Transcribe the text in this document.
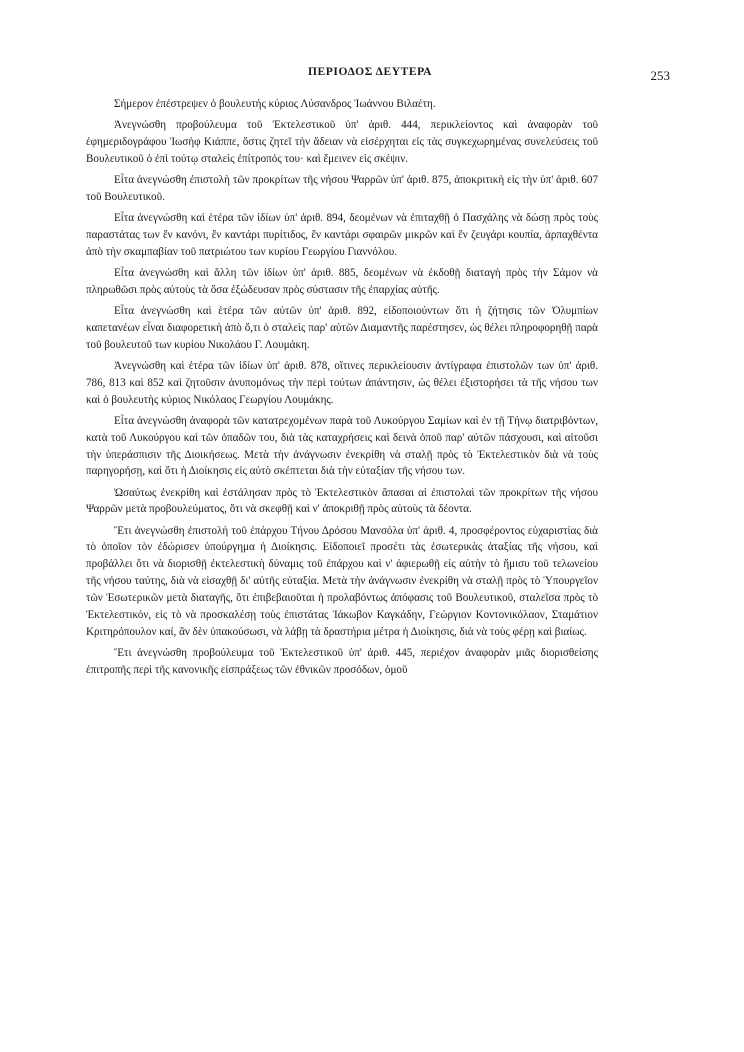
ΠΕΡΙΟΔΟΣ ΔΕΥΤΕΡΑ	253

Σήμερον ἐπέστρεψεν ὁ βουλευτής κύριος Λύσανδρος Ἰωάννου Βιλαέτη.

Ἀνεγνώσθη προβούλευμα τοῦ Ἐκτελεστικοῦ ὑπ' ἀριθ. 444, περικλείοντος καὶ ἀναφορὰν τοῦ ἐφημεριδογράφου Ἰωσὴφ Κιάππε, ὅστις ζητεῖ τὴν ἄδειαν νὰ εἰσέρχηται εἰς τὰς συγκεχωρημένας συνελεύσεις τοῦ Βουλευτικοῦ ὁ ἐπὶ τούτῳ σταλεὶς ἐπίτροπός του· καὶ ἔμεινεν εἰς σκέψιν.

Εἶτα ἀνεγνώσθη ἐπιστολὴ τῶν προκρίτων τῆς νήσου Ψαρρῶν ὑπ' ἀριθ. 875, ἀποκριτικὴ εἰς τὴν ὑπ' ἀριθ. 607 τοῦ Βουλευτικοῦ.

Εἶτα ἀνεγνώσθη καὶ ἑτέρα τῶν ἰδίων ὑπ' ἀριθ. 894, δεομένων νὰ ἐπιταχθῇ ὁ Πασχάλης νὰ δώσῃ πρὸς τοὺς παραστάτας των ἕν κανόνι, ἕν καντάρι πυρίτιδος, ἕν καντάρι σφαιρῶν μικρῶν καὶ ἕν ζευγάρι κουπία, ἁρπαχθέντα ἀπὸ τὴν σκαμπαβίαν τοῦ πατριώτου των κυρίου Γεωργίου Γιαννόλου.

Εἶτα ἀνεγνώσθη καὶ ἄλλη τῶν ἰδίων ὑπ' ἀριθ. 885, δεομένων νὰ ἐκδοθῇ διαταγὴ πρὸς τὴν Σάμον νὰ πληρωθῶσι πρὸς αὐτοὺς τὰ ὅσα ἐξώδευσαν πρὸς σύστασιν τῆς ἐπαρχίας αὐτῆς.

Εἶτα ἀνεγνώσθη καὶ ἑτέρα τῶν αὐτῶν ὑπ' ἀριθ. 892, εἰδοποιούντων ὅτι ἡ ζήτησις τῶν Ὀλυμπίων καπετανέων εἶναι διαφορετικὴ ἀπὸ ὅ,τι ὁ σταλεὶς παρ' αὐτῶν Διαμαντῆς παρέστησεν, ὡς θέλει πληροφορηθῇ παρὰ τοῦ βουλευτοῦ των κυρίου Νικολάου Γ. Λουμάκη.

Ἀνεγνώσθη καὶ ἑτέρα τῶν ἰδίων ὑπ' ἀριθ. 878, οἵτινες περικλείουσιν ἀντίγραφα ἐπιστολῶν των ὑπ' ἀριθ. 786, 813 καὶ 852 καὶ ζητοῦσιν ἀνυπομόνως τὴν περὶ τούτων ἀπάντησιν, ὡς θέλει ἐξιστορήσει τὰ τῆς νήσου των καὶ ὁ βουλευτὴς κύριος Νικόλαος Γεωργίου Λουμάκης.

Εἶτα ἀνεγνώσθη ἀναφορὰ τῶν κατατρεχομένων παρὰ τοῦ Λυκούργου Σαμίων καὶ ἐν τῇ Τήνῳ διατριβόντων, κατὰ τοῦ Λυκούργου καὶ τῶν ὀπαδῶν του, διὰ τὰς καταχρήσεις καὶ δεινὰ ὁποῦ παρ' αὐτῶν πάσχουσι, καὶ αἰτοῦσι τὴν ὑπεράσπισιν τῆς Διοικήσεως. Μετὰ τὴν ἀνάγνωσιν ἐνεκρίθη νὰ σταλῇ πρὸς τὸ Ἐκτελεστικὸν διὰ νὰ τοὺς παρηγορήσῃ, καὶ ὅτι ἡ Διοίκησις εἰς αὐτὸ σκέπτεται διὰ τὴν εὐταξίαν τῆς νήσου των.

Ὡσαύτως ἐνεκρίθη καὶ ἐστάλησαν πρὸς τὸ Ἐκτελεστικὸν ἅπασαι αἱ ἐπιστολαὶ τῶν προκρίτων τῆς νήσου Ψαρρῶν μετὰ προβουλεύματος, ὅτι νὰ σκεφθῇ καὶ ν' ἀποκριθῇ πρὸς αὐτοὺς τὰ δέοντα.

Ἔτι ἀνεγνώσθη ἐπιστολὴ τοῦ ἐπάρχου Τήνου Δρόσου Μανσόλα ὑπ' ἀριθ. 4, προσφέροντος εὐχαριστίας διὰ τὸ ὁποῖον τὸν ἐδώρισεν ὑπούργημα ἡ Διοίκησις. Εἰδοποιεῖ προσέτι τὰς ἐσωτερικὰς ἀταξίας τῆς νήσου, καὶ προβάλλει ὅτι νὰ διορισθῇ ἐκτελεστικὴ δύναμις τοῦ ἐπάρχου καὶ ν' ἀφιερωθῇ εἰς αὐτὴν τὸ ἥμισυ τοῦ τελωνείου τῆς νήσου ταύτης, διὰ νὰ εἰσαχθῇ δι' αὐτῆς εὐταξία. Μετὰ τὴν ἀνάγνωσιν ἐνεκρίθη νὰ σταλῇ πρὸς τὸ Ὑπουργεῖον τῶν Ἐσωτερικῶν μετὰ διαταγῆς, ὅτι ἐπιβεβαιοῦται ἡ προλαβόντως ἀπόφασις τοῦ Βουλευτικοῦ, σταλεῖσα πρὸς τὸ Ἐκτελεστικόν, εἰς τὸ νὰ προσκαλέσῃ τοὺς ἐπιστάτας Ἰάκωβον Καγκάδην, Γεώργιον Κοντονικόλαον, Σταμάτιον Κριτηρόπουλον καί, ἂν δὲν ὑπακούσωσι, νὰ λάβῃ τὰ δραστήρια μέτρα ἡ Διοίκησις, διὰ νὰ τοὺς φέρῃ καὶ βιαίως.

Ἔτι ἀνεγνώσθη προβούλευμα τοῦ Ἐκτελεστικοῦ ὑπ' ἀριθ. 445, περιέχον ἀναφορὰν μιᾶς διορισθείσης ἐπιτροπῆς περὶ τῆς κανονικῆς εἰσπράξεως τῶν ἐθνικῶν προσόδων, ὁμοῦ
